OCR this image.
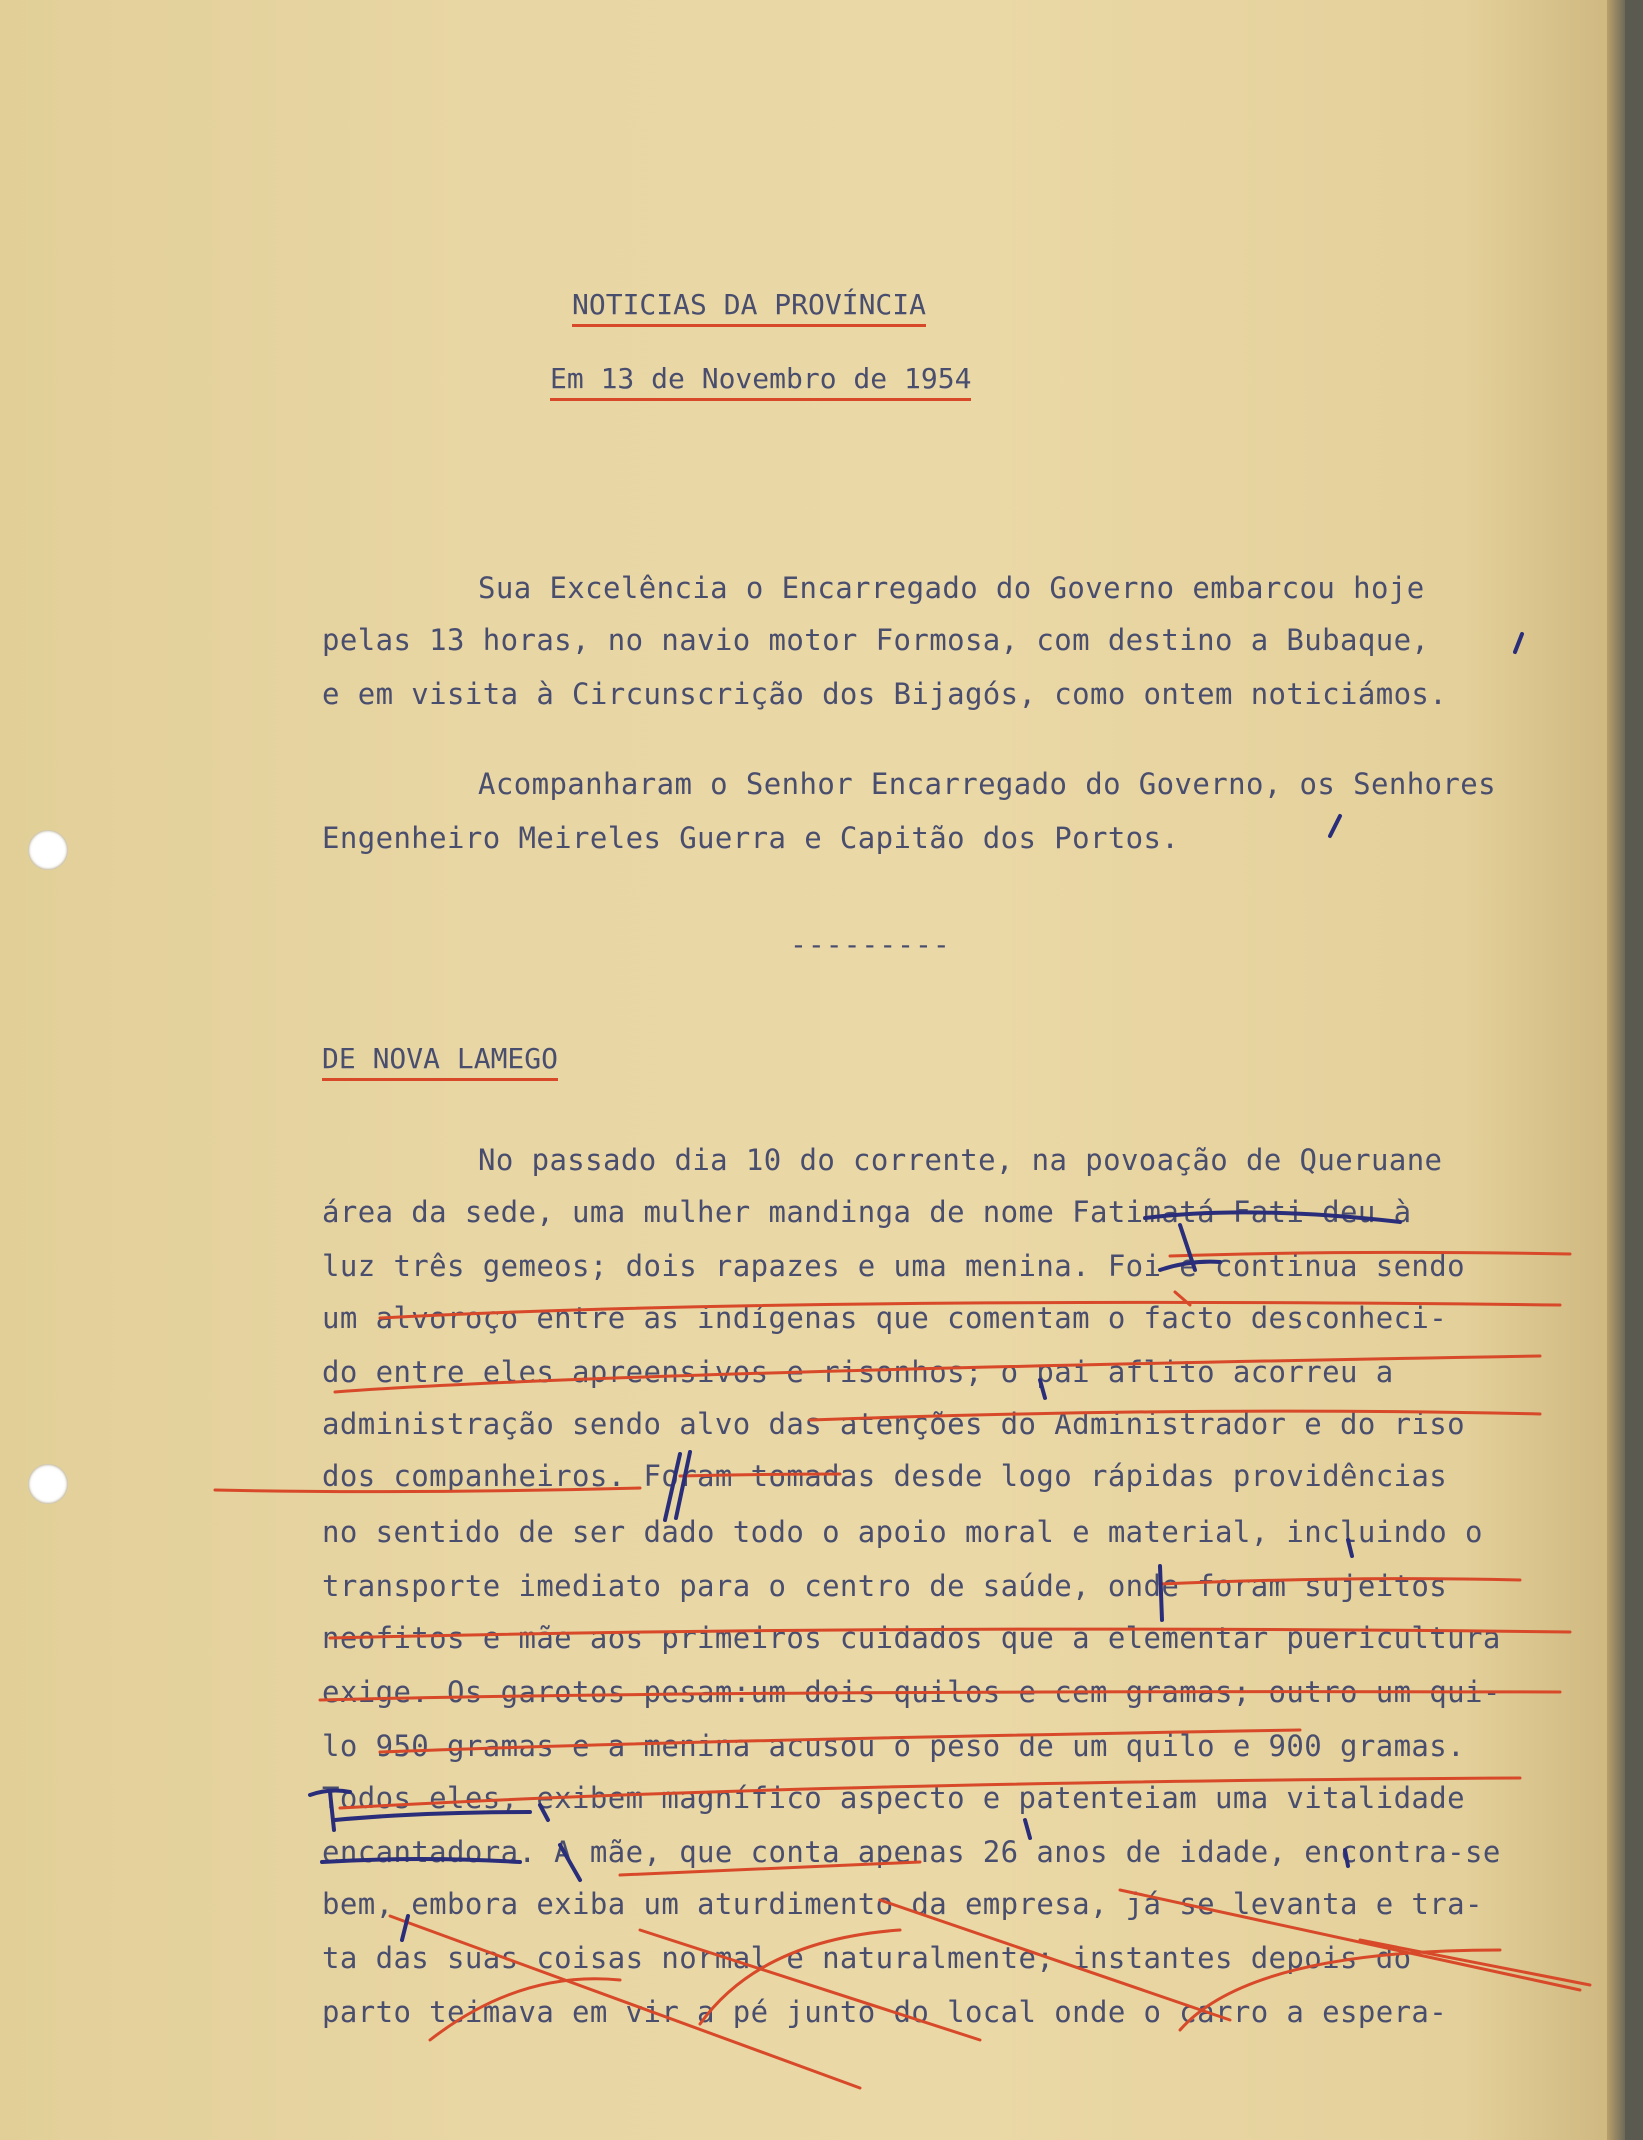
NOTICIAS DA PROVÍNCIA
Em 13 de Novembro de 1954
Sua Excelência o Encarregado do Governo embarcou hoje
pelas 13 horas, no navio motor Formosa, com destino a Bubaque,
e em visita à Circunscrição dos Bijagós, como ontem noticiámos.
Acompanharam o Senhor Encarregado do Governo, os Senhores
Engenheiro Meireles Guerra e Capitão dos Portos.
---------
DE NOVA LAMEGO
No passado dia 10 do corrente, na povoação de Queruane
área da sede, uma mulher mandinga de nome Fatimatá Fati deu à
luz três gemeos; dois rapazes e uma menina. Foi e continua sendo
um alvoroço entre as indígenas que comentam o facto desconheci-
do entre eles apreensivos e risonhos; o pai aflito acorreu a
administração sendo alvo das atenções do Administrador e do riso
dos companheiros. Foram tomadas desde logo rápidas providências
no sentido de ser dado todo o apoio moral e material, incluindo o
transporte imediato para o centro de saúde, onde foram sujeitos
neofitos e mãe aos primeiros cuidados que a elementar puericultura
exige. Os garotos pesam:um dois quilos e cem gramas; outro um qui-
lo 950 gramas e a menina acusou o peso de um quilo e 900 gramas.
Todos eles, exibem magnífico aspecto e patenteiam uma vitalidade
encantadora. A mãe, que conta apenas 26 anos de idade, encontra-se
bem, embora exiba um aturdimento da empresa, já se levanta e tra-
ta das suas coisas normal e naturalmente; instantes depois do
parto teimava em vir a pé junto do local onde o carro a espera-
